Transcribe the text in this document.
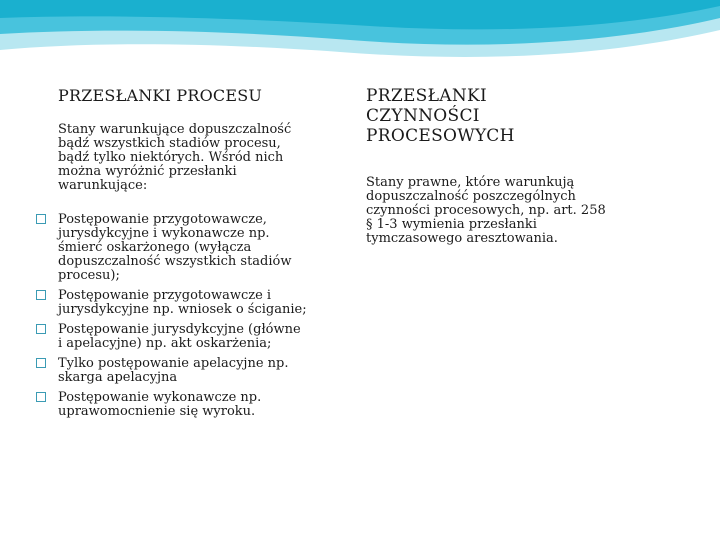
PRZESŁANKI PROCESU

Stany warunkujące dopuszczalność bądź wszystkich stadiów procesu, bądź tylko niektórych. Wśród nich można wyróżnić przesłanki warunkujące:

Postępowanie przygotowawcze, jurysdykcyjne i wykonawcze np. śmierć oskarżonego (wyłącza dopuszczalność wszystkich stadiów procesu);
Postępowanie przygotowawcze i jurysdykcyjne np. wniosek o ściganie;
Postępowanie jurysdykcyjne (główne i apelacyjne) np. akt oskarżenia;
Tylko postępowanie apelacyjne np. skarga apelacyjna
Postępowanie wykonawcze np. uprawomocnienie się wyroku.
PRZESŁANKI CZYNNOŚCI PROCESOWYCH

Stany prawne, które warunkują dopuszczalność poszczególnych czynności procesowych, np. art. 258 § 1-3 wymienia przesłanki tymczasowego aresztowania.
